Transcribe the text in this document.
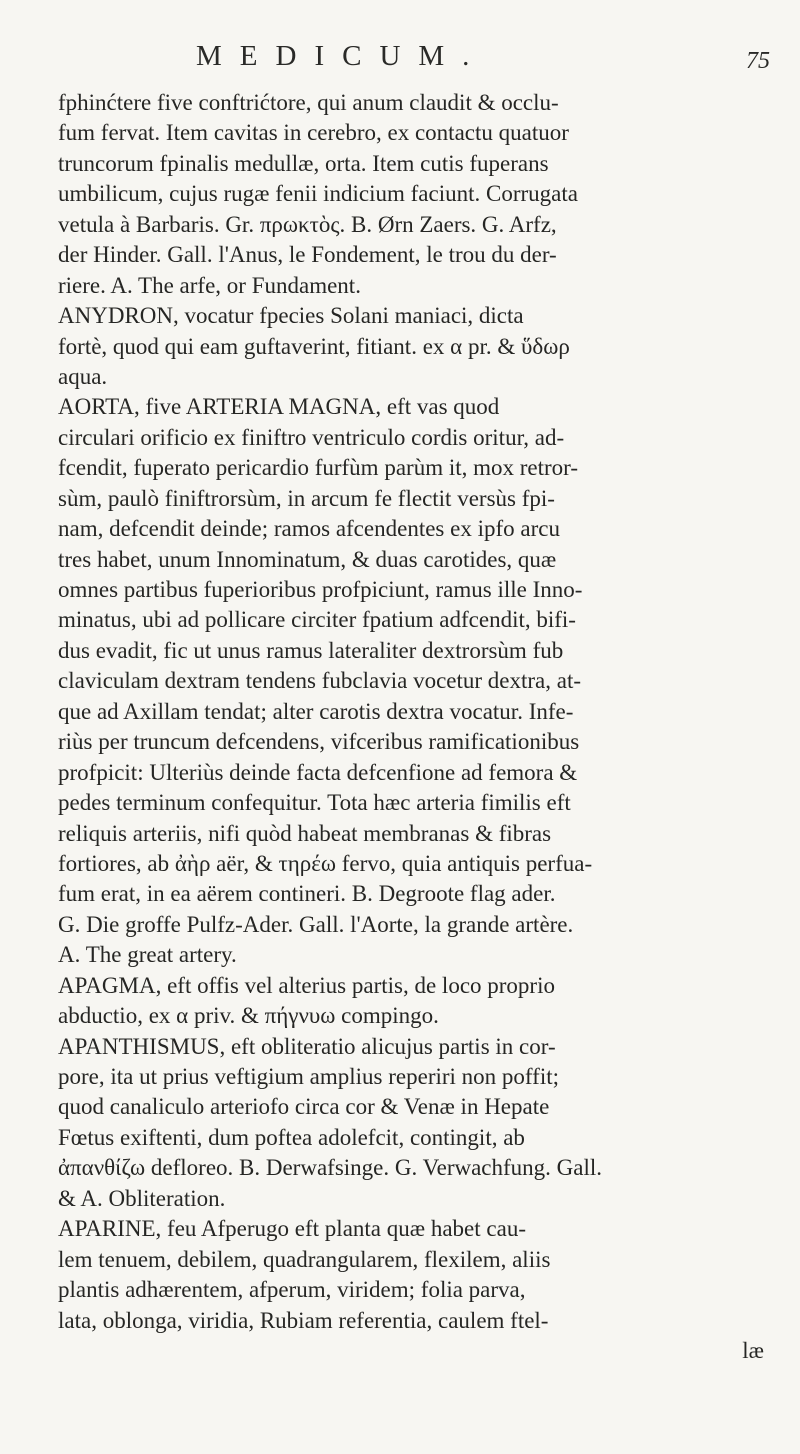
MEDICUM.	75
fphinćtere five conftrićtore, qui anum claudit & occlu-
fum fervat. Item cavitas in cerebro, ex contactu quatuor
truncorum fpinalis medullæ, orta. Item cutis fuperans
umbilicum, cujus rugæ fenii indicium faciunt. Corrugata
vetula à Barbaris. Gr. πρωκτὸς. B. Ørn Zaers. G. Arfz,
der Hinder. Gall. l'Anus, le Fondement, le trou du der-
riere. A. The arfe, or Fundament.
ANYDRON, vocatur fpecies Solani maniaci, dicta
fortè, quod qui eam guftaverint, fitiant. ex α pr. & ὕδωρ
aqua.
AORTA, five ARTERIA MAGNA, eft vas quod
circulari orificio ex finiftro ventriculo cordis oritur, ad-
fcendit, fuperato pericardio furfùm parùm it, mox retror-
sùm, paulò finiftrorsùm, in arcum fe flectit versùs fpi-
nam, defcendit deinde; ramos afcendentes ex ipfo arcu
tres habet, unum Innominatum, & duas carotides, quæ
omnes partibus fuperioribus profpiciunt, ramus ille Inno-
minatus, ubi ad pollicare circiter fpatium adfcendit, bifi-
dus evadit, fic ut unus ramus lateraliter dextrorsùm fub
claviculam dextram tendens fubclavia vocetur dextra, at-
que ad Axillam tendat; alter carotis dextra vocatur. Infe-
riùs per truncum defcendens, vifceribus ramificationibus
profpicit: Ulteriùs deinde facta defcenfione ad femora &
pedes terminum confequitur. Tota hæc arteria fimilis eft
reliquis arteriis, nifi quòd habeat membranas & fibras
fortiores, ab ἀὴρ aër, & τηρέω fervo, quia antiquis perfua-
fum erat, in ea aërem contineri. B. Degroote flag ader.
G. Die groffe Pulfz-Ader. Gall. l'Aorte, la grande artère.
A. The great artery.
APAGMA, eft offis vel alterius partis, de loco proprio
abductio, ex α priv. & πήγνυω compingo.
APANTHISMUS, eft obliteratio alicujus partis in cor-
pore, ita ut prius veftigium amplius reperiri non poffit;
quod canaliculo arteriofo circa cor & Venæ in Hepate
Fœtus exiftenti, dum poftea adolefcit, contingit, ab
ἀπανθίζω defloreo. B. Derwafsinge. G. Verwachfung. Gall.
& A. Obliteration.
APARINE, feu Afperugo eft planta quæ habet cau-
lem tenuem, debilem, quadrangularem, flexilem, aliis
plantis adhærentem, afperum, viridem; folia parva,
lata, oblonga, viridia, Rubiam referentia, caulem ftel-
læ
